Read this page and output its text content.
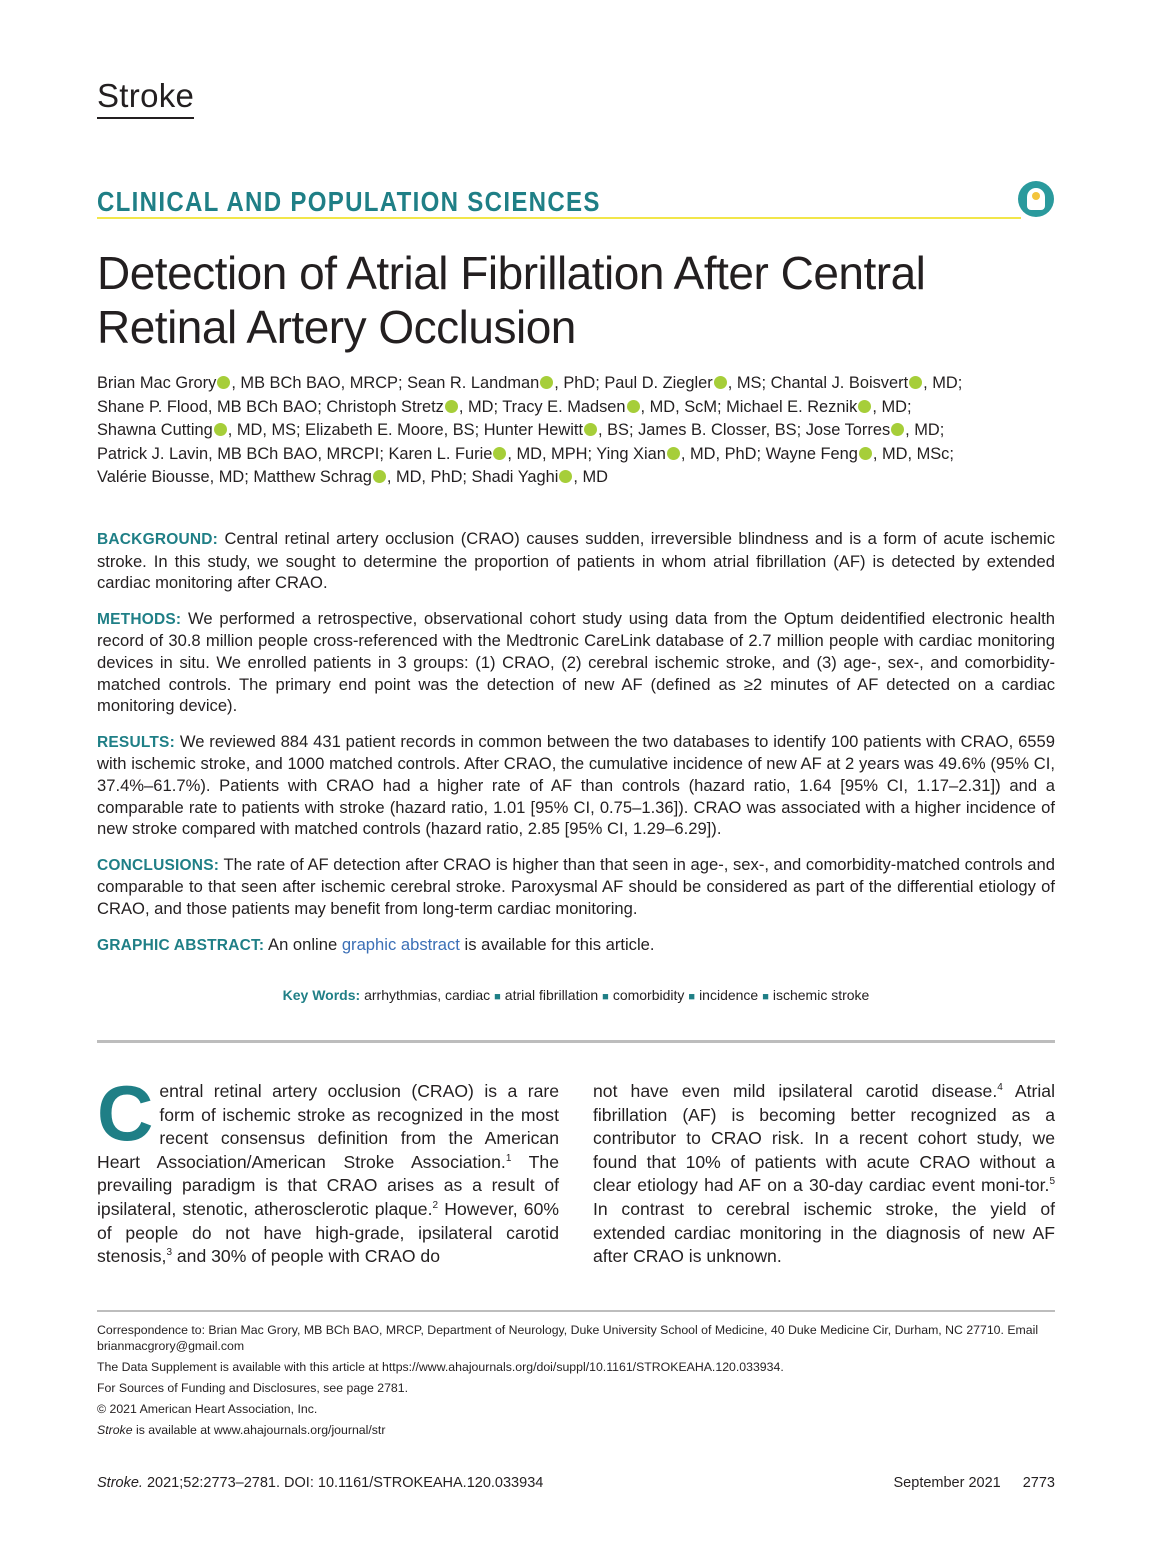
Stroke
CLINICAL AND POPULATION SCIENCES
Detection of Atrial Fibrillation After Central Retinal Artery Occlusion
Brian Mac Grory , MB BCh BAO, MRCP; Sean R. Landman , PhD; Paul D. Ziegler , MS; Chantal J. Boisvert , MD;
Shane P. Flood, MB BCh BAO; Christoph Stretz , MD; Tracy E. Madsen , MD, ScM; Michael E. Reznik , MD;
Shawna Cutting , MD, MS; Elizabeth E. Moore, BS; Hunter Hewitt , BS; James B. Closser, BS; Jose Torres , MD;
Patrick J. Lavin, MB BCh BAO, MRCPI; Karen L. Furie , MD, MPH; Ying Xian , MD, PhD; Wayne Feng , MD, MSc;
Valérie Biousse, MD; Matthew Schrag , MD, PhD; Shadi Yaghi , MD

BACKGROUND: Central retinal artery occlusion (CRAO) causes sudden, irreversible blindness and is a form of acute ischemic stroke. In this study, we sought to determine the proportion of patients in whom atrial fibrillation (AF) is detected by extended cardiac monitoring after CRAO.

METHODS: We performed a retrospective, observational cohort study using data from the Optum deidentified electronic health record of 30.8 million people cross-referenced with the Medtronic CareLink database of 2.7 million people with cardiac monitoring devices in situ. We enrolled patients in 3 groups: (1) CRAO, (2) cerebral ischemic stroke, and (3) age-, sex-, and comorbidity-matched controls. The primary end point was the detection of new AF (defined as ≥2 minutes of AF detected on a cardiac monitoring device).

RESULTS: We reviewed 884 431 patient records in common between the two databases to identify 100 patients with CRAO, 6559 with ischemic stroke, and 1000 matched controls. After CRAO, the cumulative incidence of new AF at 2 years was 49.6% (95% CI, 37.4%–61.7%). Patients with CRAO had a higher rate of AF than controls (hazard ratio, 1.64 [95% CI, 1.17–2.31]) and a comparable rate to patients with stroke (hazard ratio, 1.01 [95% CI, 0.75–1.36]). CRAO was associated with a higher incidence of new stroke compared with matched controls (hazard ratio, 2.85 [95% CI, 1.29–6.29]).

CONCLUSIONS: The rate of AF detection after CRAO is higher than that seen in age-, sex-, and comorbidity-matched controls and comparable to that seen after ischemic cerebral stroke. Paroxysmal AF should be considered as part of the differential etiology of CRAO, and those patients may benefit from long-term cardiac monitoring.

GRAPHIC ABSTRACT: An online graphic abstract is available for this article.

Key Words: arrhythmias, cardiac ■ atrial fibrillation ■ comorbidity ■ incidence ■ ischemic stroke
C entral retinal artery occlusion (CRAO) is a rare form of ischemic stroke as recognized in the most recent consensus definition from the American Heart Association/American Stroke Association.$^1$ The prevailing paradigm is that CRAO arises as a result of ipsilateral, stenotic, atherosclerotic plaque.$^2$ However, 60% of people do not have high-grade, ipsilateral carotid stenosis,$^3$ and 30% of people with CRAO do
not have even mild ipsilateral carotid disease.$^4$ Atrial fibrillation (AF) is becoming better recognized as a contributor to CRAO risk. In a recent cohort study, we found that 10% of patients with acute CRAO without a clear etiology had AF on a 30-day cardiac event moni-tor.$^5$ In contrast to cerebral ischemic stroke, the yield of extended cardiac monitoring in the diagnosis of new AF after CRAO is unknown.
Correspondence to: Brian Mac Grory, MB BCh BAO, MRCP, Department of Neurology, Duke University School of Medicine, 40 Duke Medicine Cir, Durham, NC 27710. Email brianmacgrory@gmail.com
The Data Supplement is available with this article at https://www.ahajournals.org/doi/suppl/10.1161/STROKEAHA.120.033934.
For Sources of Funding and Disclosures, see page 2781.
© 2021 American Heart Association, Inc.
Stroke is available at www.ahajournals.org/journal/str
Stroke. 2021;52:2773–2781. DOI: 10.1161/STROKEAHA.120.033934	September 2021 2773
